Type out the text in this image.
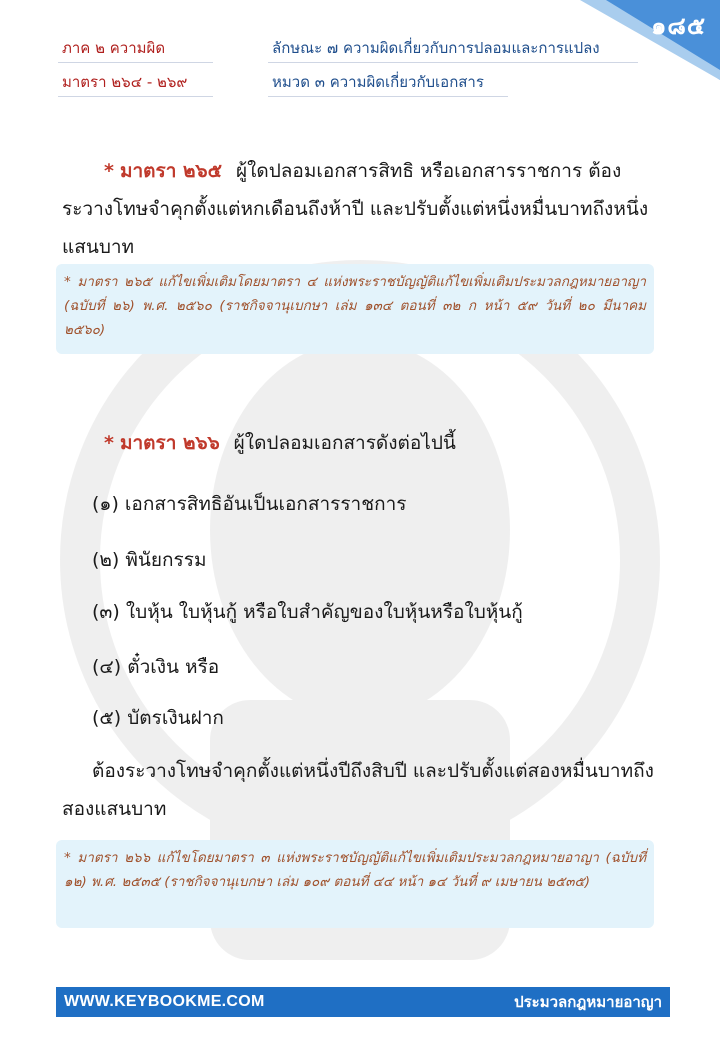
๑๘๕
ภาค ๒ ความผิด	ลักษณะ ๗ ความผิดเกี่ยวกับการปลอมและการแปลง
มาตรา ๒๖๔ - ๒๖๙	หมวด ๓ ความผิดเกี่ยวกับเอกสาร
* มาตรา ๒๖๕ ผู้ใดปลอมเอกสารสิทธิ หรือเอกสารราชการ ต้อง
ระวางโทษจำคุกตั้งแต่หกเดือนถึงห้าปี และปรับตั้งแต่หนึ่งหมื่นบาทถึงหนึ่ง
แสนบาท
* มาตรา ๒๖๕ แก้ไขเพิ่มเติมโดยมาตรา ๔ แห่งพระราชบัญญัติแก้ไขเพิ่มเติมประมวลกฎหมายอาญา (ฉบับที่ ๒๖) พ.ศ. ๒๕๖๐ (ราชกิจจานุเบกษา เล่ม ๑๓๔ ตอนที่ ๓๒ ก หน้า ๕๙ วันที่ ๒๐ มีนาคม ๒๕๖๐)
* มาตรา ๒๖๖ ผู้ใดปลอมเอกสารดังต่อไปนี้
(๑) เอกสารสิทธิอันเป็นเอกสารราชการ
(๒) พินัยกรรม
(๓) ใบหุ้น ใบหุ้นกู้ หรือใบสำคัญของใบหุ้นหรือใบหุ้นกู้
(๔) ตั๋วเงิน หรือ
(๕) บัตรเงินฝาก
ต้องระวางโทษจำคุกตั้งแต่หนึ่งปีถึงสิบปี และปรับตั้งแต่สองหมื่นบาทถึง
สองแสนบาท
* มาตรา ๒๖๖ แก้ไขโดยมาตรา ๓ แห่งพระราชบัญญัติแก้ไขเพิ่มเติมประมวลกฎหมายอาญา (ฉบับที่ ๑๒) พ.ศ. ๒๕๓๕ (ราชกิจจานุเบกษา เล่ม ๑๐๙ ตอนที่ ๔๔ หน้า ๑๔ วันที่ ๙ เมษายน ๒๕๓๕)
WWW.KEYBOOKME.COM	ประมวลกฎหมายอาญา
